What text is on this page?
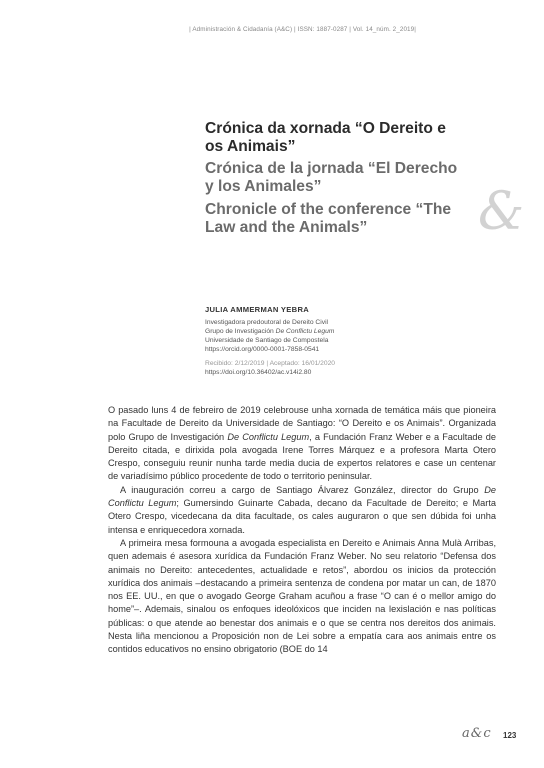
| Administración & Cidadanía (A&C) | ISSN: 1887-0287 | Vol. 14_núm. 2_2019|
Crónica da xornada “O Dereito e os Animais”
Crónica de la jornada “El Derecho y los Animales”
Chronicle of the conference “The Law and the Animals”	&
JULIA AMMERMAN YEBRA
Investigadora predoutoral de Dereito Civil
Grupo de Investigación De Conflictu Legum
Universidade de Santiago de Compostela
https://orcid.org/0000-0001-7858-0541
Recibido: 2/12/2019 | Aceptado: 16/01/2020
https://doi.org/10.36402/ac.v14i2.80

O pasado luns 4 de febreiro de 2019 celebrouse unha xornada de temática máis que pioneira na Facultade de Dereito da Universidade de Santiago: “O Dereito e os Animais”. Organizada polo Grupo de Investigación De Conflictu Legum, a Fundación Franz Weber e a Facultade de Dereito citada, e dirixida pola avogada Irene Torres Márquez e a profesora Marta Otero Crespo, conseguiu reunir nunha tarde media ducia de expertos relatores e case un centenar de variadísimo público procedente de todo o territorio peninsular.

A inauguración correu a cargo de Santiago Álvarez González, director do Grupo De Conflictu Legum; Gumersindo Guinarte Cabada, decano da Facultade de Dereito; e Marta Otero Crespo, vicedecana da dita facultade, os cales auguraron o que sen dúbida foi unha intensa e enriquecedora xornada.

A primeira mesa formouna a avogada especialista en Dereito e Animais Anna Mulà Arribas, quen ademais é asesora xurídica da Fundación Franz Weber. No seu relatorio “Defensa dos animais no Dereito: antecedentes, actualidade e retos”, abordou os inicios da protección xurídica dos animais –destacando a primeira sentenza de condena por matar un can, de 1870 nos EE. UU., en que o avogado George Graham acuñou a frase “O can é o mellor amigo do home”–. Ademais, sinalou os enfoques ideolóxicos que inciden na lexislación e nas políticas públicas: o que atende ao benestar dos animais e o que se centra nos dereitos dos animais. Nesta liña mencionou a Proposición non de Lei sobre a empatía cara aos animais entre os contidos educativos no ensino obrigatorio (BOE do 14

a&c 123
